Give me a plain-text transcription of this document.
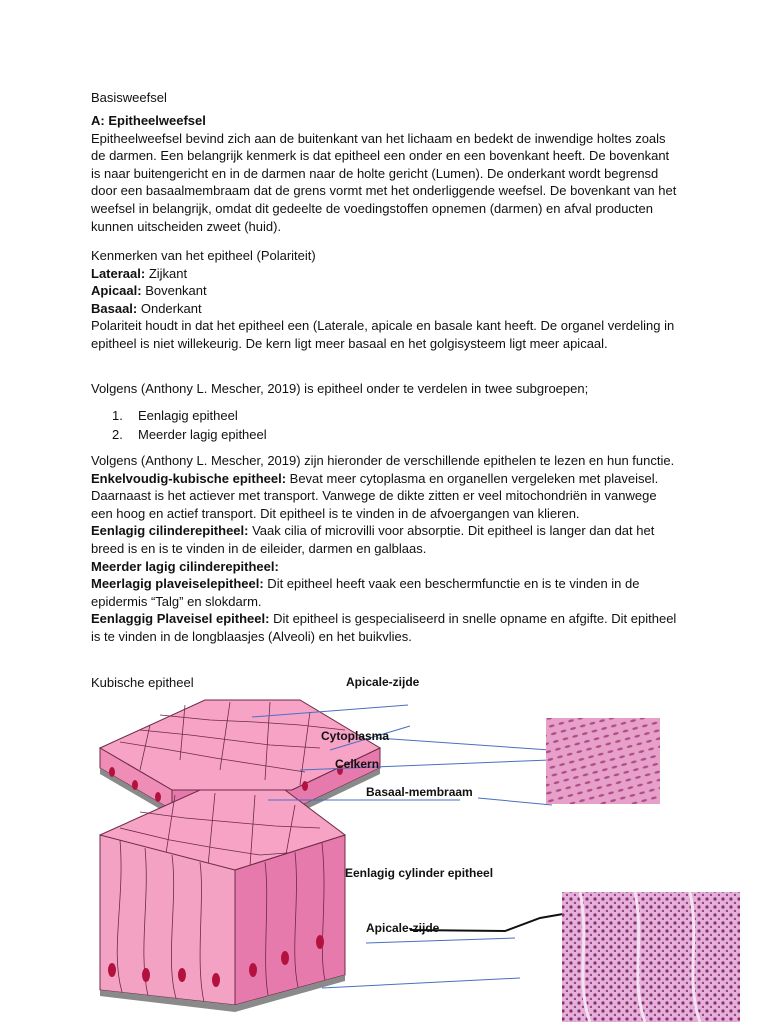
Basisweefsel

A: Epitheelweefsel

Epitheelweefsel bevind zich aan de buitenkant van het lichaam en bedekt de inwendige holtes zoals de darmen. Een belangrijk kenmerk is dat epitheel een onder en een bovenkant heeft. De bovenkant is naar buitengericht en in de darmen naar de holte gericht (Lumen). De onderkant wordt begrensd door een basaalmembraam dat de grens vormt met het onderliggende weefsel. De bovenkant van het weefsel in belangrijk, omdat dit gedeelte de voedingstoffen opnemen (darmen) en afval producten kunnen uitscheiden zweet (huid).

Kenmerken van het epitheel (Polariteit)

Lateraal: Zijkant

Apicaal: Bovenkant

Basaal: Onderkant

Polariteit houdt in dat het epitheel een (Laterale, apicale en basale kant heeft. De organel verdeling in epitheel is niet willekeurig. De kern ligt meer basaal en het golgisysteem ligt meer apicaal.

Volgens (Anthony L. Mescher, 2019) is epitheel onder te verdelen in twee subgroepen;

1. Eenlagig epitheel
2. Meerder lagig epitheel

Volgens (Anthony L. Mescher, 2019) zijn hieronder de verschillende epithelen te lezen en hun functie.

Enkelvoudig-kubische epitheel: Bevat meer cytoplasma en organellen vergeleken met plaveisel. Daarnaast is het actiever met transport. Vanwege de dikte zitten er veel mitochondriën in vanwege een hoog en actief transport. Dit epitheel is te vinden in de afvoergangen van klieren.

Eenlagig cilinderepitheel: Vaak cilia of microvilli voor absorptie. Dit epitheel is langer dan dat het breed is en is te vinden in de eileider, darmen en galblaas.

Meerder lagig cilinderepitheel:

Meerlagig plaveiselepitheel: Dit epitheel heeft vaak een beschermfunctie en is te vinden in de epidermis “Talg” en slokdarm.

Eenlaggig Plaveisel epitheel: Dit epitheel is gespecialiseerd in snelle opname en afgifte. Dit epitheel is te vinden in de longblaasjes (Alveoli) en het buikvlies.

Kubische epitheel	Apicale-zijde
Cytoplasma
Celkern
Basaal-membraam
Eenlagig cylinder epitheel
Apicale-zijde
